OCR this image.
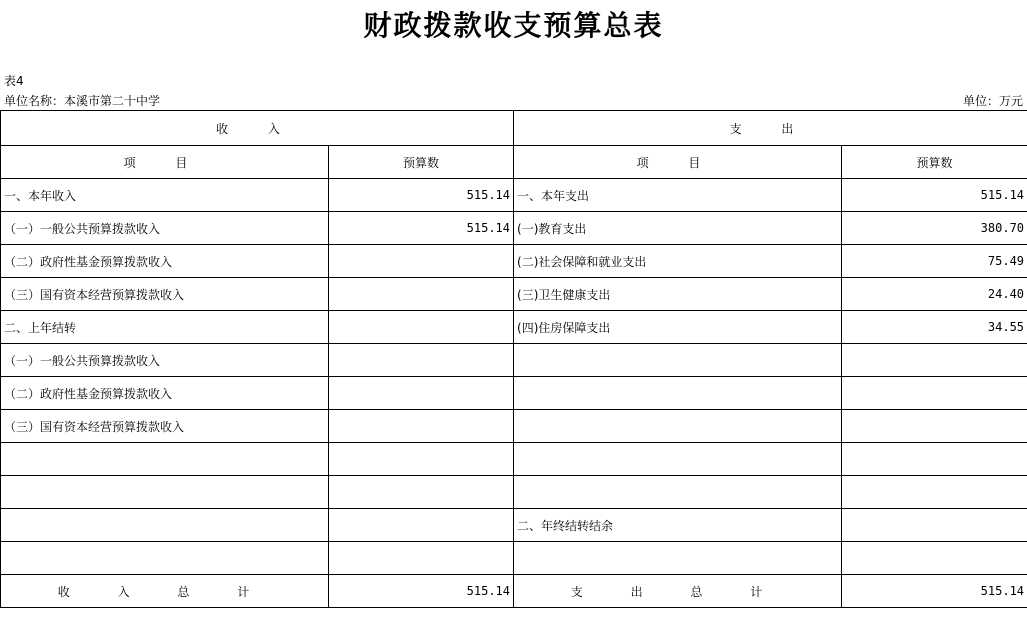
财政拨款收支预算总表
表4
单位名称：本溪市第二十中学	单位：万元
收 入		支 出	
项 目	预算数	项 目	预算数
一、本年收入	515.14	一、本年支出	515.14
（一）一般公共预算拨款收入	515.14	(一)教育支出	380.70
（二）政府性基金预算拨款收入		(二)社会保障和就业支出	75.49
（三）国有资本经营预算拨款收入		(三)卫生健康支出	24.40
二、上年结转		(四)住房保障支出	34.55
（一）一般公共预算拨款收入			
（二）政府性基金预算拨款收入			
（三）国有资本经营预算拨款收入			

		二、年终结转结余	

收 入 总 计	515.14	支 出 总 计	515.14
